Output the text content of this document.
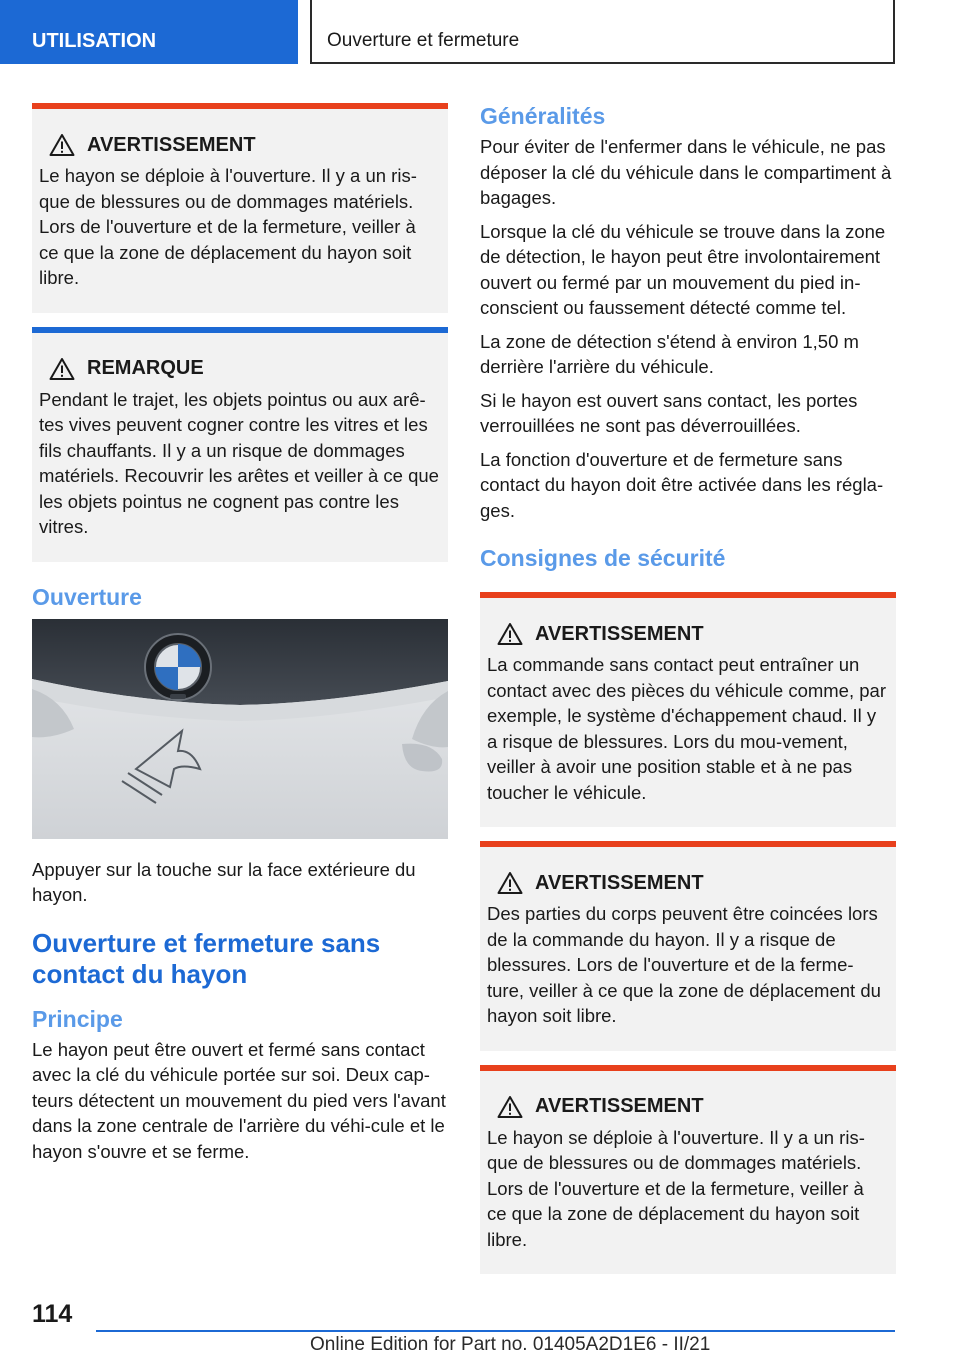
UTILISATION	Ouverture et fermeture
AVERTISSEMENT
Le hayon se déploie à l'ouverture. Il y a un ris-que de blessures ou de dommages matériels. Lors de l'ouverture et de la fermeture, veiller à ce que la zone de déplacement du hayon soit libre.
REMARQUE
Pendant le trajet, les objets pointus ou aux arê-tes vives peuvent cogner contre les vitres et les fils chauffants. Il y a un risque de dommages matériels. Recouvrir les arêtes et veiller à ce que les objets pointus ne cognent pas contre les vitres.
Ouverture

Appuyer sur la touche sur la face extérieure du hayon.

Ouverture et fermeture sans contact du hayon
Principe

Le hayon peut être ouvert et fermé sans contact avec la clé du véhicule portée sur soi. Deux cap-teurs détectent un mouvement du pied vers l'avant dans la zone centrale de l'arrière du véhi-cule et le hayon s'ouvre et se ferme.

Généralités

Pour éviter de l'enfermer dans le véhicule, ne pas déposer la clé du véhicule dans le compartiment à bagages.

Lorsque la clé du véhicule se trouve dans la zone de détection, le hayon peut être involontairement ouvert ou fermé par un mouvement du pied in-conscient ou faussement détecté comme tel.

La zone de détection s'étend à environ 1,50 m derrière l'arrière du véhicule.

Si le hayon est ouvert sans contact, les portes verrouillées ne sont pas déverrouillées.

La fonction d'ouverture et de fermeture sans contact du hayon doit être activée dans les régla-ges.

Consignes de sécurité
AVERTISSEMENT
La commande sans contact peut entraîner un contact avec des pièces du véhicule comme, par exemple, le système d'échappement chaud. Il y a risque de blessures. Lors du mou-vement, veiller à avoir une position stable et à ne pas toucher le véhicule.
AVERTISSEMENT
Des parties du corps peuvent être coincées lors de la commande du hayon. Il y a risque de blessures. Lors de l'ouverture et de la ferme-ture, veiller à ce que la zone de déplacement du hayon soit libre.
AVERTISSEMENT
Le hayon se déploie à l'ouverture. Il y a un ris-que de blessures ou de dommages matériels. Lors de l'ouverture et de la fermeture, veiller à ce que la zone de déplacement du hayon soit libre.
114
Online Edition for Part no. 01405A2D1E6 - II/21
